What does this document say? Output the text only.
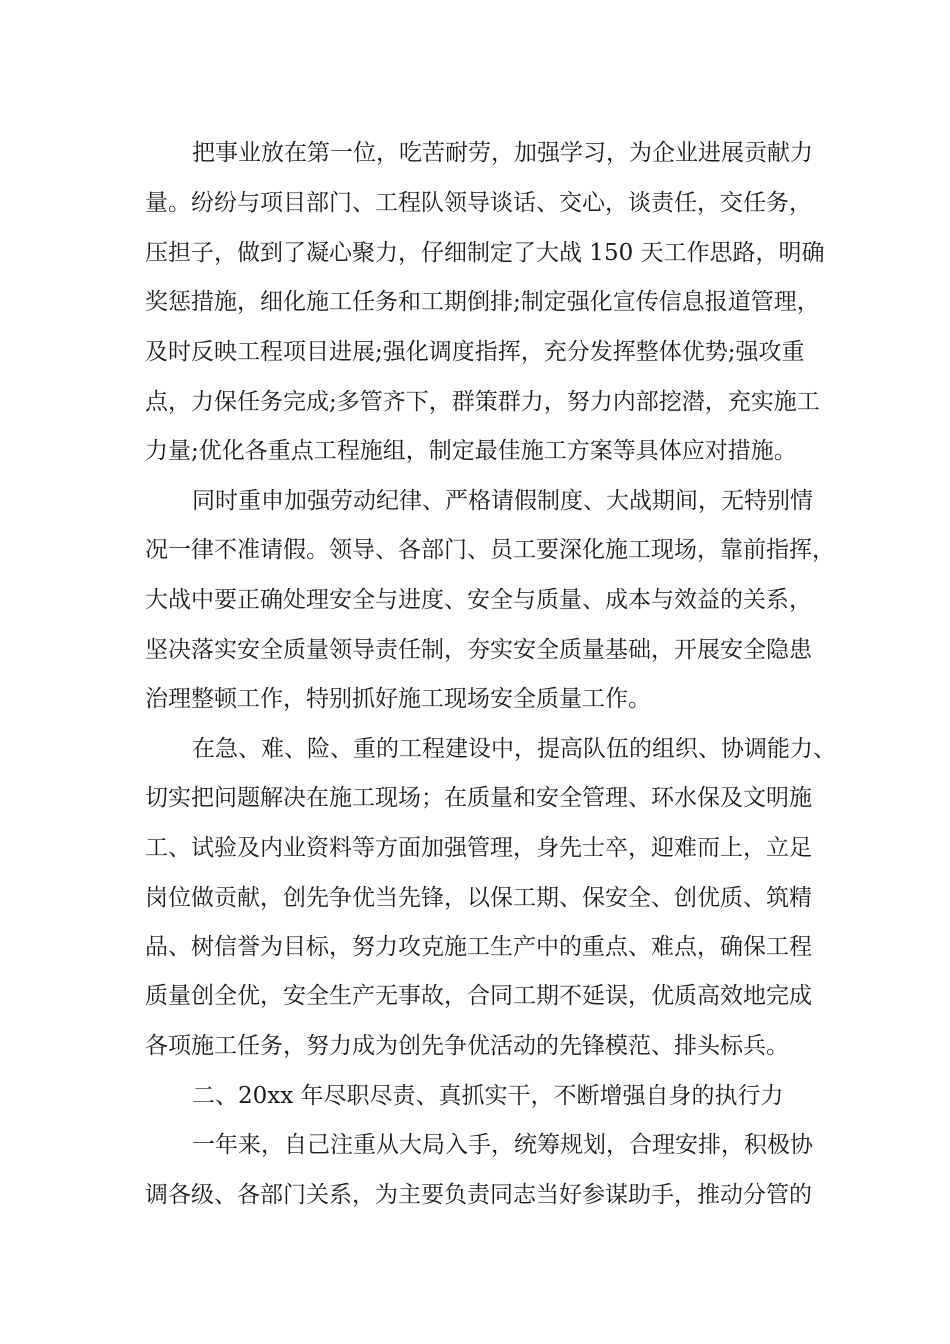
把事业放在第一位，吃苦耐劳，加强学习，为企业进展贡献力
量。纷纷与项目部门、工程队领导谈话、交心，谈责任，交任务，
压担子，做到了凝心聚力，仔细制定了大战 150 天工作思路，明确
奖惩措施，细化施工任务和工期倒排;制定强化宣传信息报道管理，
及时反映工程项目进展;强化调度指挥，充分发挥整体优势;强攻重
点，力保任务完成;多管齐下，群策群力，努力内部挖潜，充实施工
力量;优化各重点工程施组，制定最佳施工方案等具体应对措施。
同时重申加强劳动纪律、严格请假制度、大战期间，无特别情
况一律不准请假。领导、各部门、员工要深化施工现场，靠前指挥，
大战中要正确处理安全与进度、安全与质量、成本与效益的关系，
坚决落实安全质量领导责任制，夯实安全质量基础，开展安全隐患
治理整顿工作，特别抓好施工现场安全质量工作。
在急、难、险、重的工程建设中，提高队伍的组织、协调能力、
切实把问题解决在施工现场；在质量和安全管理、环水保及文明施
工、试验及内业资料等方面加强管理，身先士卒，迎难而上，立足
岗位做贡献，创先争优当先锋，以保工期、保安全、创优质、筑精
品、树信誉为目标，努力攻克施工生产中的重点、难点，确保工程
质量创全优，安全生产无事故，合同工期不延误，优质高效地完成
各项施工任务，努力成为创先争优活动的先锋模范、排头标兵。
二、20xx 年尽职尽责、真抓实干，不断增强自身的执行力
一年来，自己注重从大局入手，统筹规划，合理安排，积极协
调各级、各部门关系，为主要负责同志当好参谋助手，推动分管的
